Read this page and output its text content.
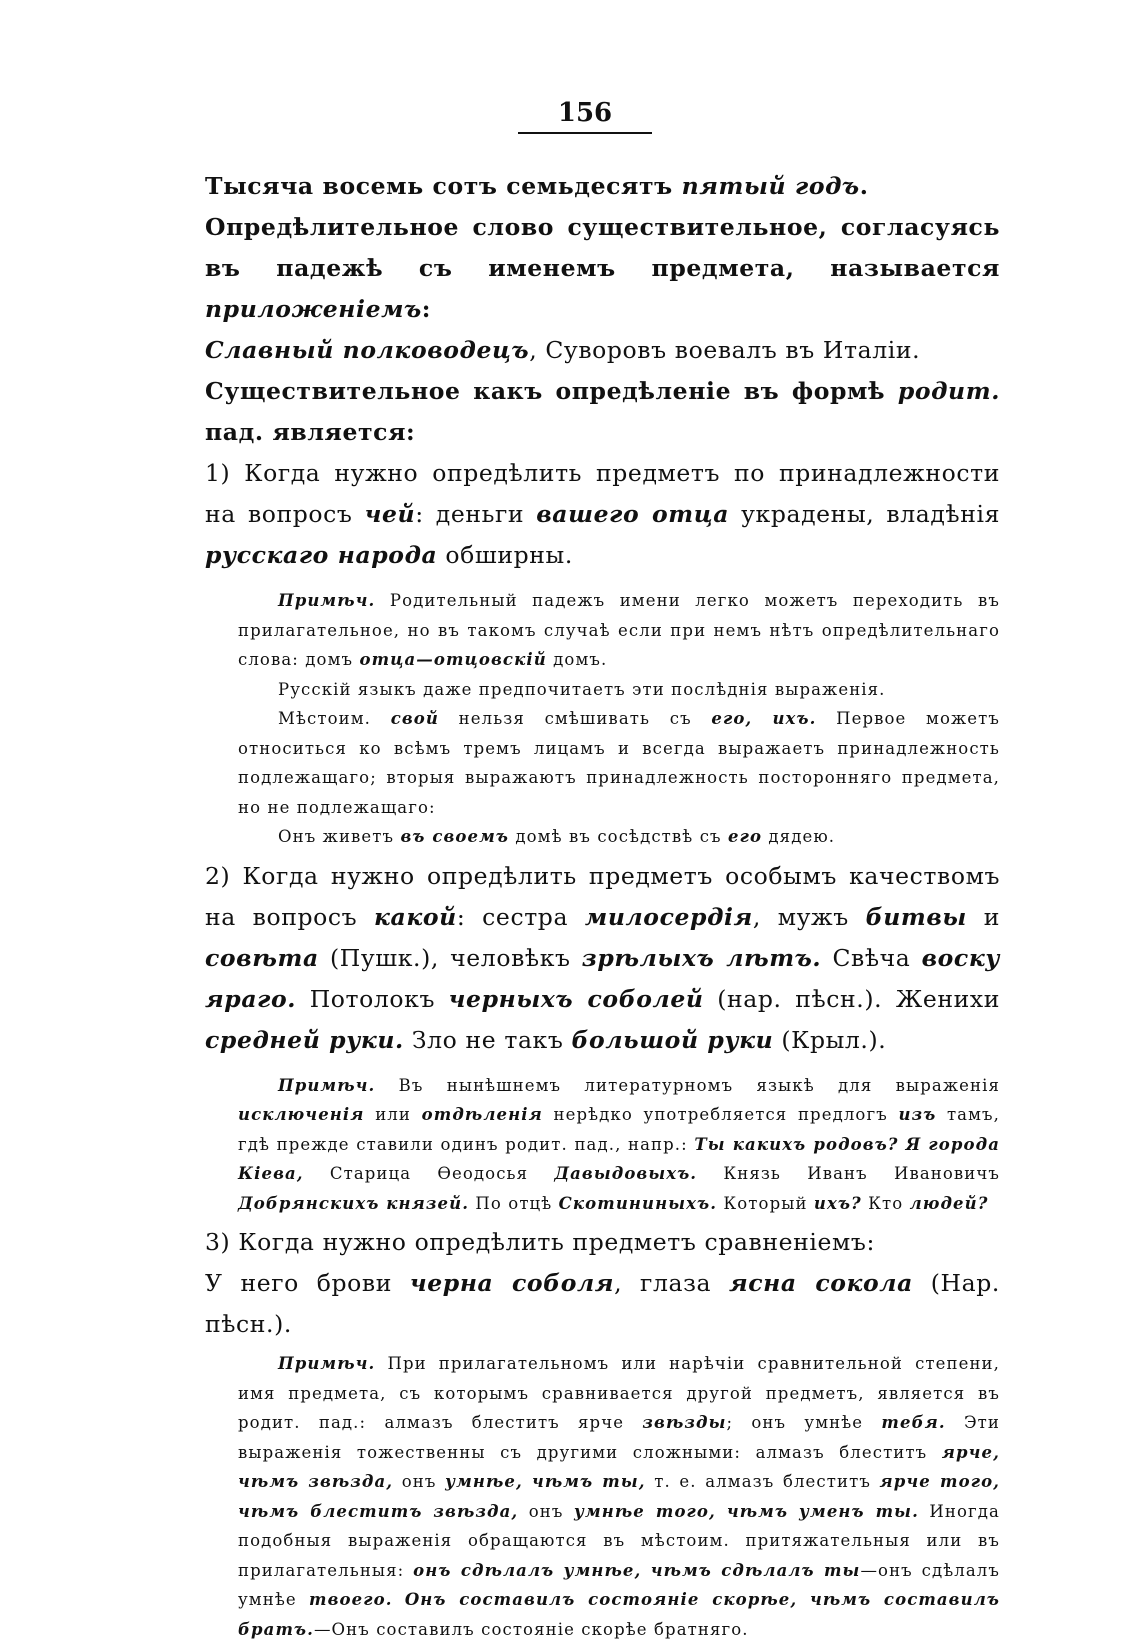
156

Тысяча восемь сотъ семьдесятъ пятый годъ.

Опредѣлительное слово существительное, согласуясь въ падежѣ съ именемъ предмета, называется приложеніемъ:

Славный полководецъ, Суворовъ воевалъ въ Италіи.

Существительное какъ опредѣленіе въ формѣ родит. пад. является:

1) Когда нужно опредѣлить предметъ по принадлежности на вопросъ чей: деньги вашего отца украдены, владѣнія русскаго народа обширны.

Примѣч. Родительный падежъ имени легко можетъ переходить въ прилагательное, но въ такомъ случаѣ если при немъ нѣтъ опредѣлительнаго слова: домъ отца—отцовскій домъ.

Русскій языкъ даже предпочитаетъ эти послѣднія выраженія.

Мѣстоим. свой нельзя смѣшивать съ его, ихъ. Первое можетъ относиться ко всѣмъ тремъ лицамъ и всегда выражаетъ принадлежность подлежащаго; вторыя выражаютъ принадлежность посторонняго предмета, но не подлежащаго:

Онъ живетъ въ своемъ домѣ въ сосѣдствѣ съ его дядею.

2) Когда нужно опредѣлить предметъ особымъ качествомъ на вопросъ какой: сестра милосердія, мужъ битвы и совѣта (Пушк.), человѣкъ зрѣлыхъ лѣтъ. Свѣча воску яраго. Потолокъ черныхъ соболей (нар. пѣсн.). Женихи средней руки. Зло не такъ большой руки (Крыл.).

Примѣч. Въ нынѣшнемъ литературномъ языкѣ для выраженія исключенія или отдѣленія нерѣдко употребляется предлогъ изъ тамъ, гдѣ прежде ставили одинъ родит. пад., напр.: Ты какихъ родовъ? Я города Кіева, Старица Ѳеодосья Давыдовыхъ. Князь Иванъ Ивановичъ Добрянскихъ князей. По отцѣ Скотининыхъ. Который ихъ? Кто людей?

3) Когда нужно опредѣлить предметъ сравненіемъ:

У него брови черна соболя, глаза ясна сокола (Нар. пѣсн.).

Примѣч. При прилагательномъ или нарѣчіи сравнительной степени, имя предмета, съ которымъ сравнивается другой предметъ, является въ родит. пад.: алмазъ блеститъ ярче звѣзды; онъ умнѣе тебя. Эти выраженія тожественны съ другими сложными: алмазъ блеститъ ярче, чѣмъ звѣзда, онъ умнѣе, чѣмъ ты, т. е. алмазъ блеститъ ярче того, чѣмъ блеститъ звѣзда, онъ умнѣе того, чѣмъ уменъ ты. Иногда подобныя выраженія обращаются въ мѣстоим. притяжательныя или въ прилагательныя: онъ сдѣлалъ умнѣе, чѣмъ сдѣлалъ ты—онъ сдѣлалъ умнѣе твоего. Онъ составилъ состояніе скорѣе, чѣмъ составилъ братъ.—Онъ составилъ состояніе скорѣе братняго.
